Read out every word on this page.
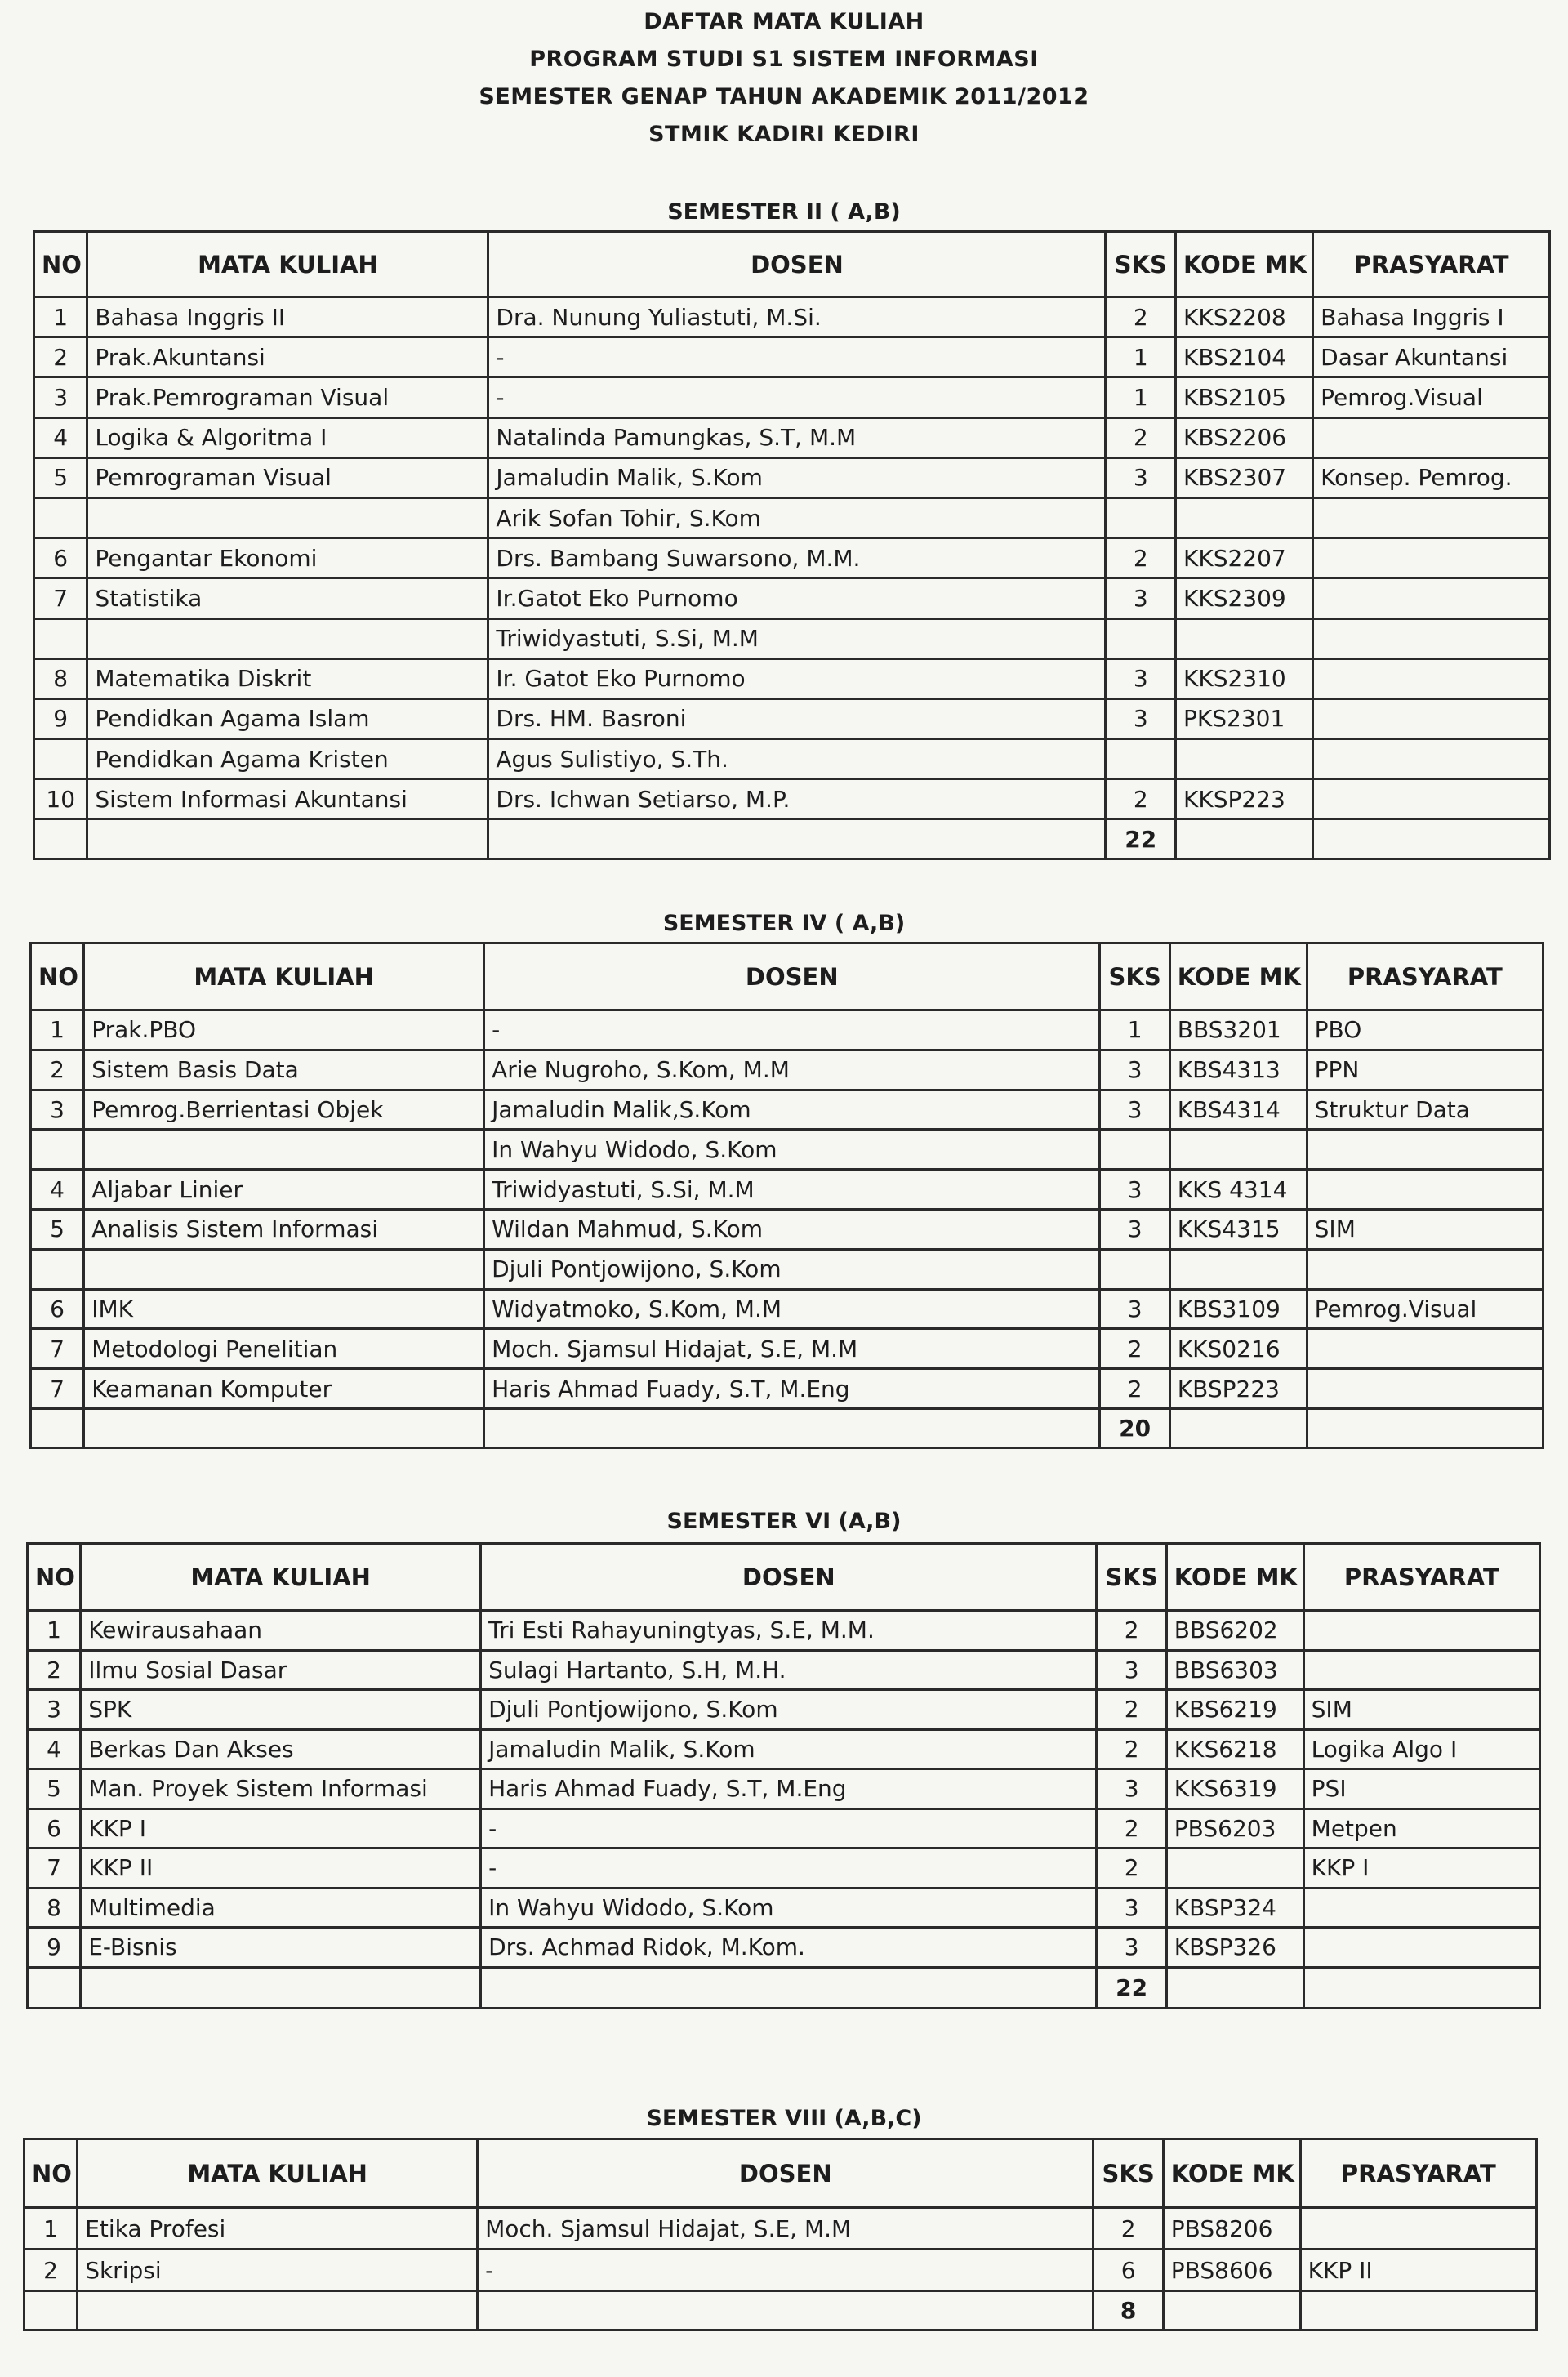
DAFTAR MATA KULIAH
PROGRAM STUDI S1 SISTEM INFORMASI
SEMESTER GENAP TAHUN AKADEMIK 2011/2012
STMIK KADIRI KEDIRI
SEMESTER II ( A,B)
NO	MATA KULIAH	DOSEN	SKS	KODE MK	PRASYARAT
1	Bahasa Inggris II	Dra. Nunung Yuliastuti, M.Si.	2	KKS2208	Bahasa Inggris I
2	Prak.Akuntansi	-	1	KBS2104	Dasar Akuntansi
3	Prak.Pemrograman Visual	-	1	KBS2105	Pemrog.Visual
4	Logika & Algoritma I	Natalinda Pamungkas, S.T, M.M	2	KBS2206	
5	Pemrograman Visual	Jamaludin Malik, S.Kom	3	KBS2307	Konsep. Pemrog.
		Arik Sofan Tohir, S.Kom			
6	Pengantar Ekonomi	Drs. Bambang Suwarsono, M.M.	2	KKS2207	
7	Statistika	Ir.Gatot Eko Purnomo	3	KKS2309	
		Triwidyastuti, S.Si, M.M			
8	Matematika Diskrit	Ir. Gatot Eko Purnomo	3	KKS2310	
9	Pendidkan Agama Islam	Drs. HM. Basroni	3	PKS2301	
	Pendidkan Agama Kristen	Agus Sulistiyo, S.Th.			
10	Sistem Informasi Akuntansi	Drs. Ichwan Setiarso, M.P.	2	KKSP223	
			22		
SEMESTER IV ( A,B)
NO	MATA KULIAH	DOSEN	SKS	KODE MK	PRASYARAT
1	Prak.PBO	-	1	BBS3201	PBO
2	Sistem Basis Data	Arie Nugroho, S.Kom, M.M	3	KBS4313	PPN
3	Pemrog.Berrientasi Objek	Jamaludin Malik,S.Kom	3	KBS4314	Struktur Data
		In Wahyu Widodo, S.Kom			
4	Aljabar Linier	Triwidyastuti, S.Si, M.M	3	KKS 4314	
5	Analisis Sistem Informasi	Wildan Mahmud, S.Kom	3	KKS4315	SIM
		Djuli Pontjowijono, S.Kom			
6	IMK	Widyatmoko, S.Kom, M.M	3	KBS3109	Pemrog.Visual
7	Metodologi Penelitian	Moch. Sjamsul Hidajat, S.E, M.M	2	KKS0216	
7	Keamanan Komputer	Haris Ahmad Fuady, S.T, M.Eng	2	KBSP223	
			20		
SEMESTER VI (A,B)
NO	MATA KULIAH	DOSEN	SKS	KODE MK	PRASYARAT
1	Kewirausahaan	Tri Esti Rahayuningtyas, S.E, M.M.	2	BBS6202	
2	Ilmu Sosial Dasar	Sulagi Hartanto, S.H, M.H.	3	BBS6303	
3	SPK	Djuli Pontjowijono, S.Kom	2	KBS6219	SIM
4	Berkas Dan Akses	Jamaludin Malik, S.Kom	2	KKS6218	Logika Algo I
5	Man. Proyek Sistem Informasi	Haris Ahmad Fuady, S.T, M.Eng	3	KKS6319	PSI
6	KKP I	-	2	PBS6203	Metpen
7	KKP II	-	2		KKP I
8	Multimedia	In Wahyu Widodo, S.Kom	3	KBSP324	
9	E-Bisnis	Drs. Achmad Ridok, M.Kom.	3	KBSP326	
			22		
SEMESTER VIII (A,B,C)
NO	MATA KULIAH	DOSEN	SKS	KODE MK	PRASYARAT
1	Etika Profesi	Moch. Sjamsul Hidajat, S.E, M.M	2	PBS8206	
2	Skripsi	-	6	PBS8606	KKP II
			8		
